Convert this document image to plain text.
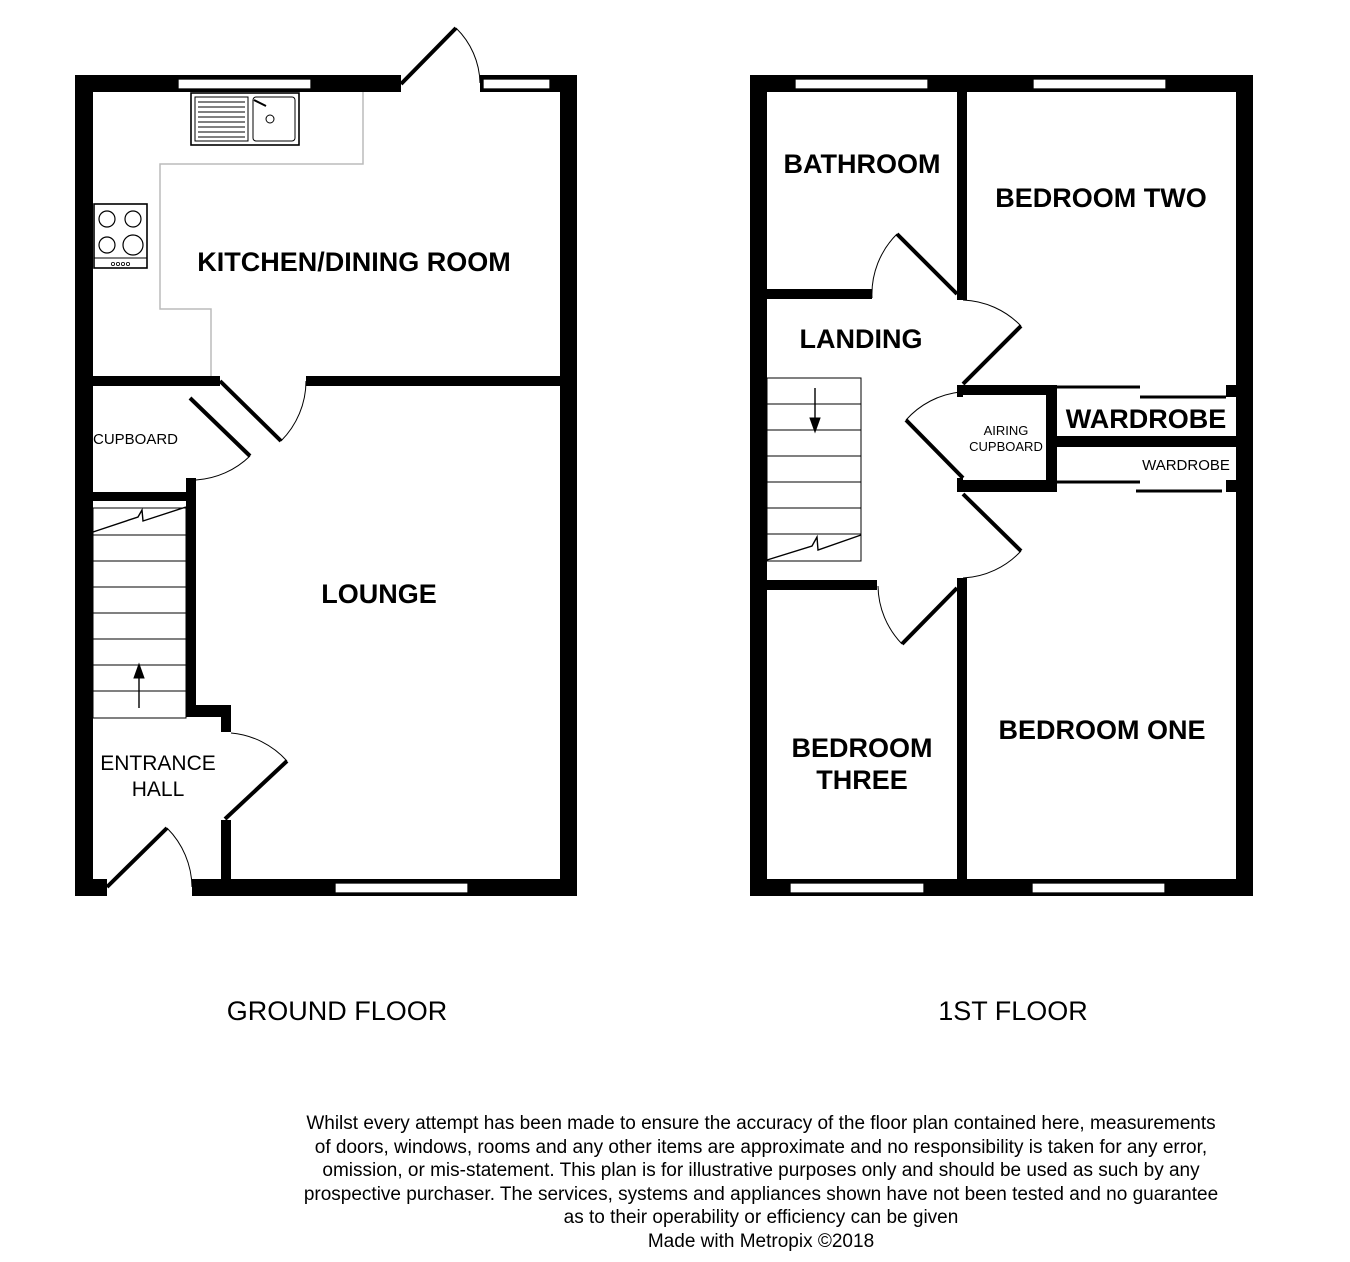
KITCHEN/DINING ROOM
CUPBOARD
LOUNGE
ENTRANCE
HALL
GROUND FLOOR
BATHROOM
BEDROOM TWO
LANDING
AIRING
CUPBOARD
WARDROBE
WARDROBE
BEDROOM
THREE
BEDROOM ONE
1ST FLOOR
Whilst every attempt has been made to ensure the accuracy of the floor plan contained here, measurements
of doors, windows, rooms and any other items are approximate and no responsibility is taken for any error,
omission, or mis-statement. This plan is for illustrative purposes only and should be used as such by any
prospective purchaser. The services, systems and appliances shown have not been tested and no guarantee
as to their operability or efficiency can be given
Made with Metropix ©2018
